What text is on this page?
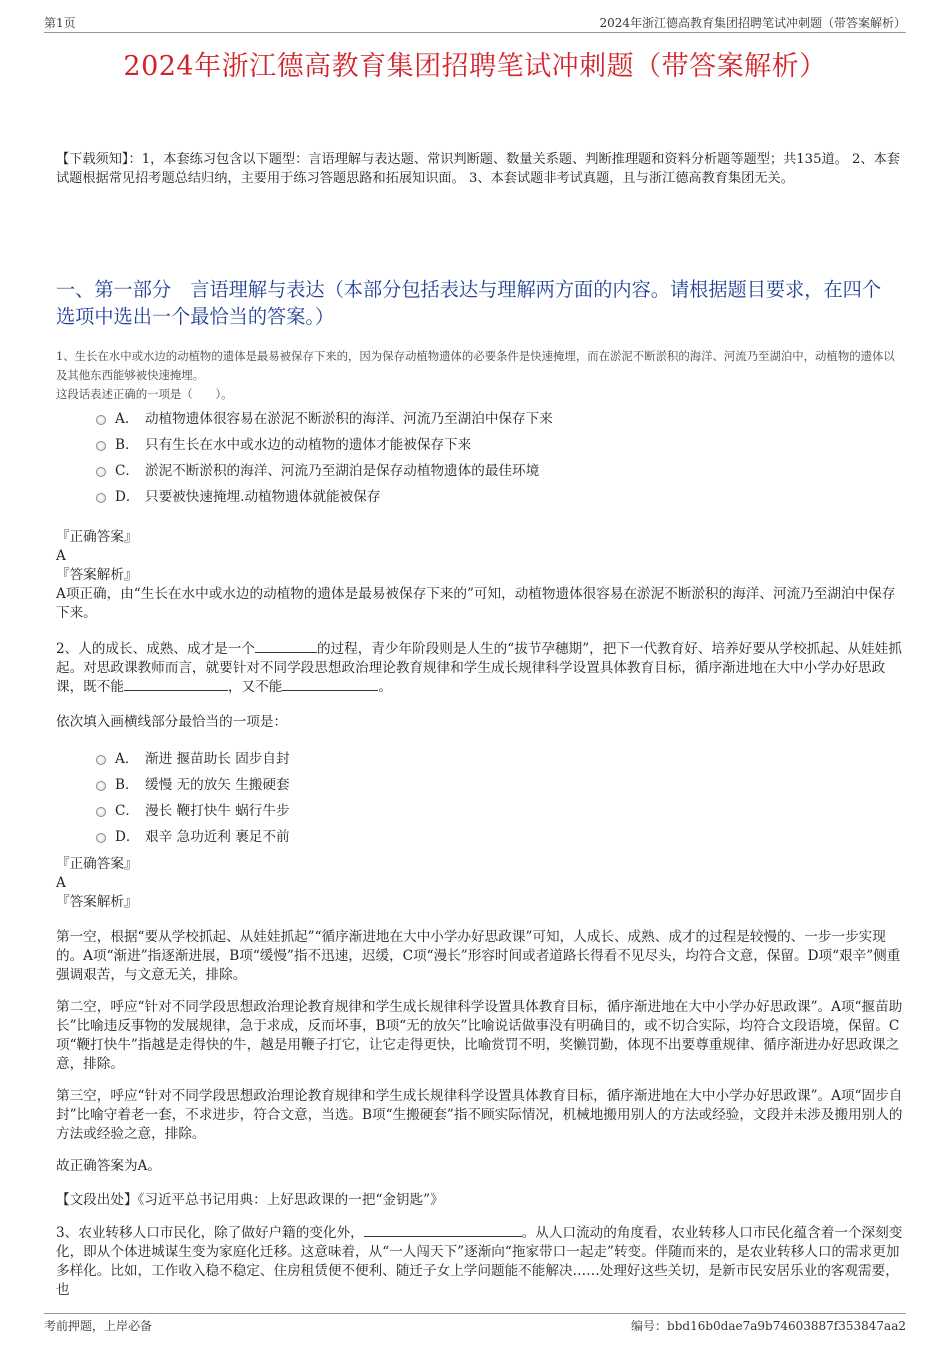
第1页	2024年浙江德高教育集团招聘笔试冲刺题（带答案解析）
2024年浙江德高教育集团招聘笔试冲刺题（带答案解析）
【下载须知】：1，本套练习包含以下题型：言语理解与表达题、常识判断题、数量关系题、判断推理题和资料分析题等题型；共135道。 2、本套试题根据常见招考题总结归纳，主要用于练习答题思路和拓展知识面。 3、本套试题非考试真题，且与浙江德高教育集团无关。
一、第一部分　言语理解与表达（本部分包括表达与理解两方面的内容。请根据题目要求，在四个选项中选出一个最恰当的答案。）
1、生长在水中或水边的动植物的遗体是最易被保存下来的，因为保存动植物遗体的必要条件是快速掩埋，而在淤泥不断淤积的海洋、河流乃至湖泊中，动植物的遗体以及其他东西能够被快速掩埋。
这段话表述正确的一项是（　　）。
A． 动植物遗体很容易在淤泥不断淤积的海洋、河流乃至湖泊中保存下来
B． 只有生长在水中或水边的动植物的遗体才能被保存下来
C． 淤泥不断淤积的海洋、河流乃至湖泊是保存动植物遗体的最佳环境
D． 只要被快速掩埋.动植物遗体就能被保存
『正确答案』
A
『答案解析』
A项正确，由“生长在水中或水边的动植物的遗体是最易被保存下来的”可知，动植物遗体很容易在淤泥不断淤积的海洋、河流乃至湖泊中保存下来。
2、人的成长、成熟、成才是一个	的过程，青少年阶段则是人生的“拔节孕穗期”，把下一代教育好、培养好要从学校抓起、从娃娃抓起。对思政课教师而言，就要针对不同学段思想政治理论教育规律和学生成长规律科学设置具体教育目标，循序渐进地在大中小学办好思政课，既不能	，又不能	。
依次填入画横线部分最恰当的一项是：
A． 渐进 揠苗助长 固步自封
B． 缓慢 无的放矢 生搬硬套
C． 漫长 鞭打快牛 蜗行牛步
D． 艰辛 急功近利 裹足不前
『正确答案』
A
『答案解析』
第一空，根据“要从学校抓起、从娃娃抓起”“循序渐进地在大中小学办好思政课”可知，人成长、成熟、成才的过程是较慢的、一步一步实现的。A项“渐进”指逐渐进展，B项“缓慢”指不迅速，迟缓，C项“漫长”形容时间或者道路长得看不见尽头，均符合文意，保留。D项“艰辛”侧重强调艰苦，与文意无关，排除。
第二空，呼应“针对不同学段思想政治理论教育规律和学生成长规律科学设置具体教育目标，循序渐进地在大中小学办好思政课”。A项“揠苗助长”比喻违反事物的发展规律，急于求成，反而坏事，B项“无的放矢”比喻说话做事没有明确目的，或不切合实际，均符合文段语境，保留。C项“鞭打快牛”指越是走得快的牛，越是用鞭子打它，让它走得更快，比喻赏罚不明，奖懒罚勤，体现不出要尊重规律、循序渐进办好思政课之意，排除。
第三空，呼应“针对不同学段思想政治理论教育规律和学生成长规律科学设置具体教育目标，循序渐进地在大中小学办好思政课”。A项“固步自封”比喻守着老一套，不求进步，符合文意，当选。B项“生搬硬套”指不顾实际情况，机械地搬用别人的方法或经验，文段并未涉及搬用别人的方法或经验之意，排除。
故正确答案为A。
【文段出处】《习近平总书记用典：上好思政课的一把“金钥匙”》
3、农业转移人口市民化，除了做好户籍的变化外，	。从人口流动的角度看，农业转移人口市民化蕴含着一个深刻变化，即从个体进城谋生变为家庭化迁移。这意味着，从“一人闯天下”逐渐向“拖家带口一起走”转变。伴随而来的，是农业转移人口的需求更加多样化。比如，工作收入稳不稳定、住房租赁便不便利、随迁子女上学问题能不能解决……处理好这些关切，是新市民安居乐业的客观需要，也
考前押题，上岸必备	编号：bbd16b0dae7a9b74603887f353847aa2
